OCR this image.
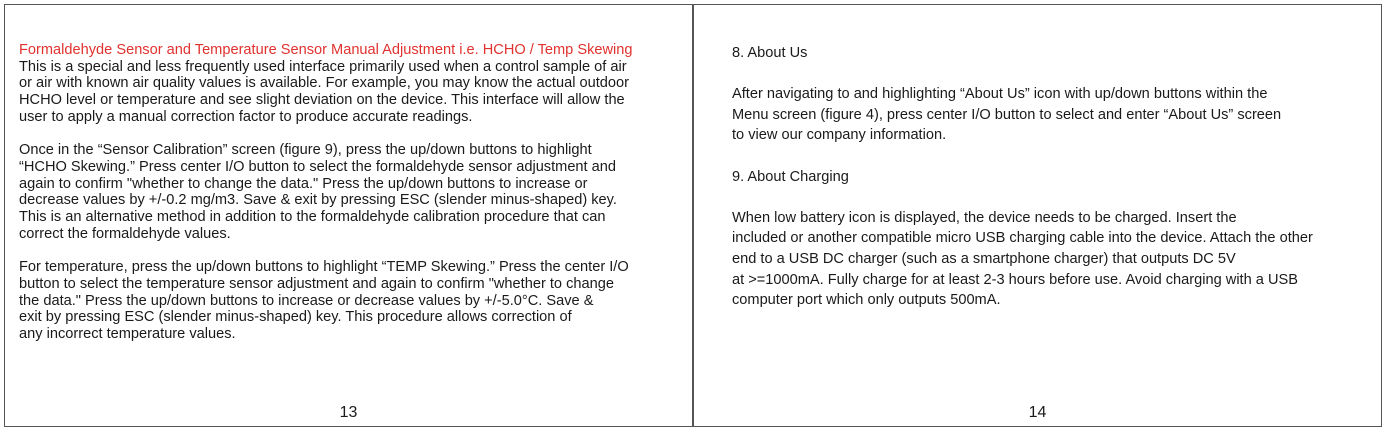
Formaldehyde Sensor and Temperature Sensor Manual Adjustment i.e. HCHO / Temp Skewing
This is a special and less frequently used interface primarily used when a control sample of air
or air with known air quality values is available. For example, you may know the actual outdoor
HCHO level or temperature and see slight deviation on the device. This interface will allow the
user to apply a manual correction factor to produce accurate readings.
Once in the “Sensor Calibration” screen (figure 9), press the up/down buttons to highlight
“HCHO Skewing.” Press center I/O button to select the formaldehyde sensor adjustment and
again to confirm "whether to change the data." Press the up/down buttons to increase or
decrease values by +/-0.2 mg/m3. Save & exit by pressing ESC (slender minus-shaped) key.
This is an alternative method in addition to the formaldehyde calibration procedure that can
correct the formaldehyde values.
For temperature, press the up/down buttons to highlight “TEMP Skewing.” Press the center I/O
button to select the temperature sensor adjustment and again to confirm "whether to change
the data." Press the up/down buttons to increase or decrease values by +/-5.0°C. Save &
exit by pressing ESC (slender minus-shaped) key. This procedure allows correction of
any incorrect temperature values.
13
8. About Us
After navigating to and highlighting “About Us” icon with up/down buttons within the
Menu screen (figure 4), press center I/O button to select and enter “About Us” screen
to view our company information.
9. About Charging
When low battery icon is displayed, the device needs to be charged. Insert the
included or another compatible micro USB charging cable into the device. Attach the other
end to a USB DC charger (such as a smartphone charger) that outputs DC 5V
at >=1000mA. Fully charge for at least 2-3 hours before use. Avoid charging with a USB
computer port which only outputs 500mA.
14
